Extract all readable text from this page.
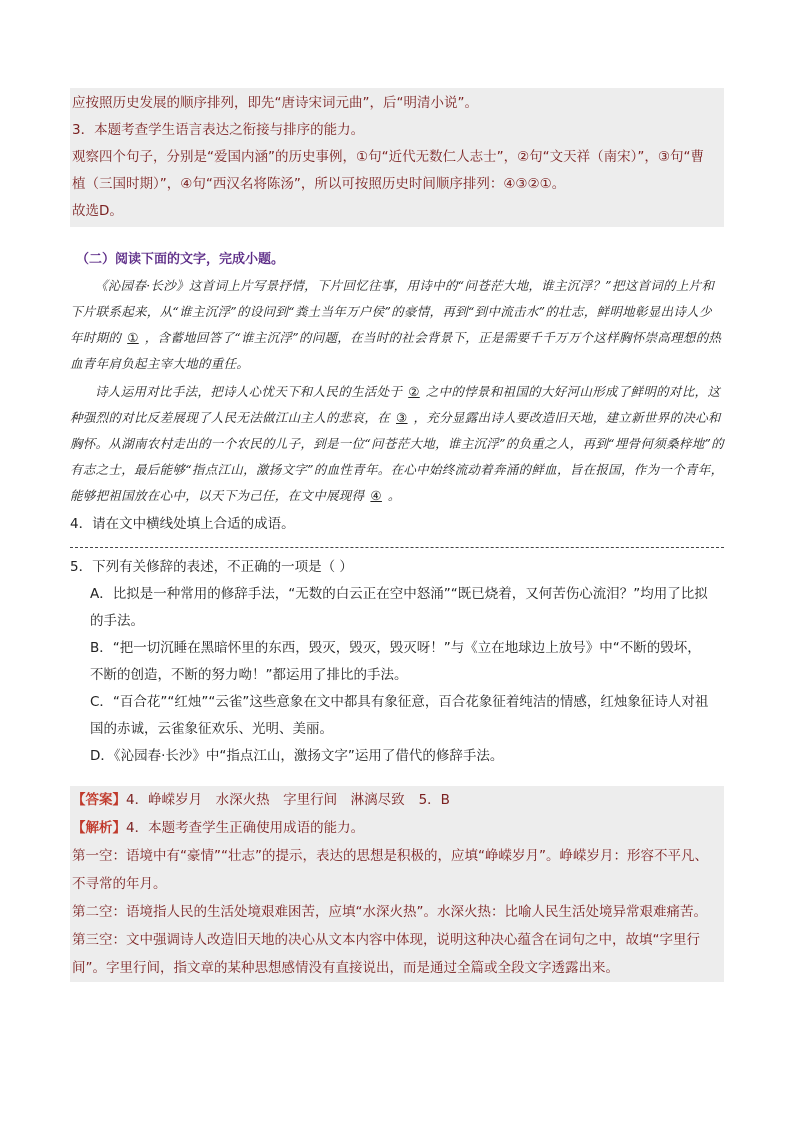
应按照历史发展的顺序排列，即先“唐诗宋词元曲”，后“明清小说”。
3．本题考查学生语言表达之衔接与排序的能力。
观察四个句子，分别是“爱国内涵”的历史事例，①句“近代无数仁人志士”，②句“文天祥（南宋）”，③句“曹
植（三国时期）”，④句“西汉名将陈汤”，所以可按照历史时间顺序排列：④③②①。
故选D。
（二）阅读下面的文字，完成小题。

《沁园春·长沙》这首词上片写景抒情，下片回忆往事，用诗中的“问苍茫大地，谁主沉浮？”把这首词的上片和下片联系起来，从“谁主沉浮”的设问到“粪土当年万户侯”的豪情，再到“到中流击水”的壮志，鲜明地彰显出诗人少年时期的 ① ，含蓄地回答了“谁主沉浮”的问题，在当时的社会背景下，正是需要千千万万个这样胸怀崇高理想的热血青年肩负起主宰大地的重任。

诗人运用对比手法，把诗人心忧天下和人民的生活处于 ② 之中的悖景和祖国的大好河山形成了鲜明的对比，这种强烈的对比反差展现了人民无法做江山主人的悲哀，在 ③ ，充分显露出诗人要改造旧天地，建立新世界的决心和胸怀。从湖南农村走出的一个农民的儿子，到是一位“问苍茫大地，谁主沉浮”的负重之人，再到“埋骨何须桑梓地”的有志之士，最后能够“指点江山，激扬文字”的血性青年。在心中始终流动着奔涌的鲜血，旨在报国，作为一个青年，能够把祖国放在心中，以天下为己任，在文中展现得 ④ 。

4．请在文中横线处填上合适的成语。
5．下列有关修辞的表述，不正确的一项是（ ）
A．比拟是一种常用的修辞手法，“无数的白云正在空中怒涌”“既已烧着，又何苦伤心流泪？”均用了比拟
的手法。
B．“把一切沉睡在黑暗怀里的东西，毁灭，毁灭，毁灭呀！”与《立在地球边上放号》中“不断的毁坏，
不断的创造，不断的努力呦！”都运用了排比的手法。
C．“百合花”“红烛”“云雀”这些意象在文中都具有象征意，百合花象征着纯洁的情感，红烛象征诗人对祖
国的赤诚，云雀象征欢乐、光明、美丽。
D．《沁园春·长沙》中“指点江山，激扬文字”运用了借代的修辞手法。
【答案】4．峥嵘岁月　水深火热　字里行间　淋漓尽致 5．B
【解析】4．本题考查学生正确使用成语的能力。
第一空：语境中有“豪情”“壮志”的提示，表达的思想是积极的，应填“峥嵘岁月”。峥嵘岁月：形容不平凡、
不寻常的年月。
第二空：语境指人民的生活处境艰难困苦，应填“水深火热”。水深火热：比喻人民生活处境异常艰难痛苦。
第三空：文中强调诗人改造旧天地的决心从文本内容中体现，说明这种决心蕴含在词句之中，故填“字里行
间”。字里行间，指文章的某种思想感情没有直接说出，而是通过全篇或全段文字透露出来。
